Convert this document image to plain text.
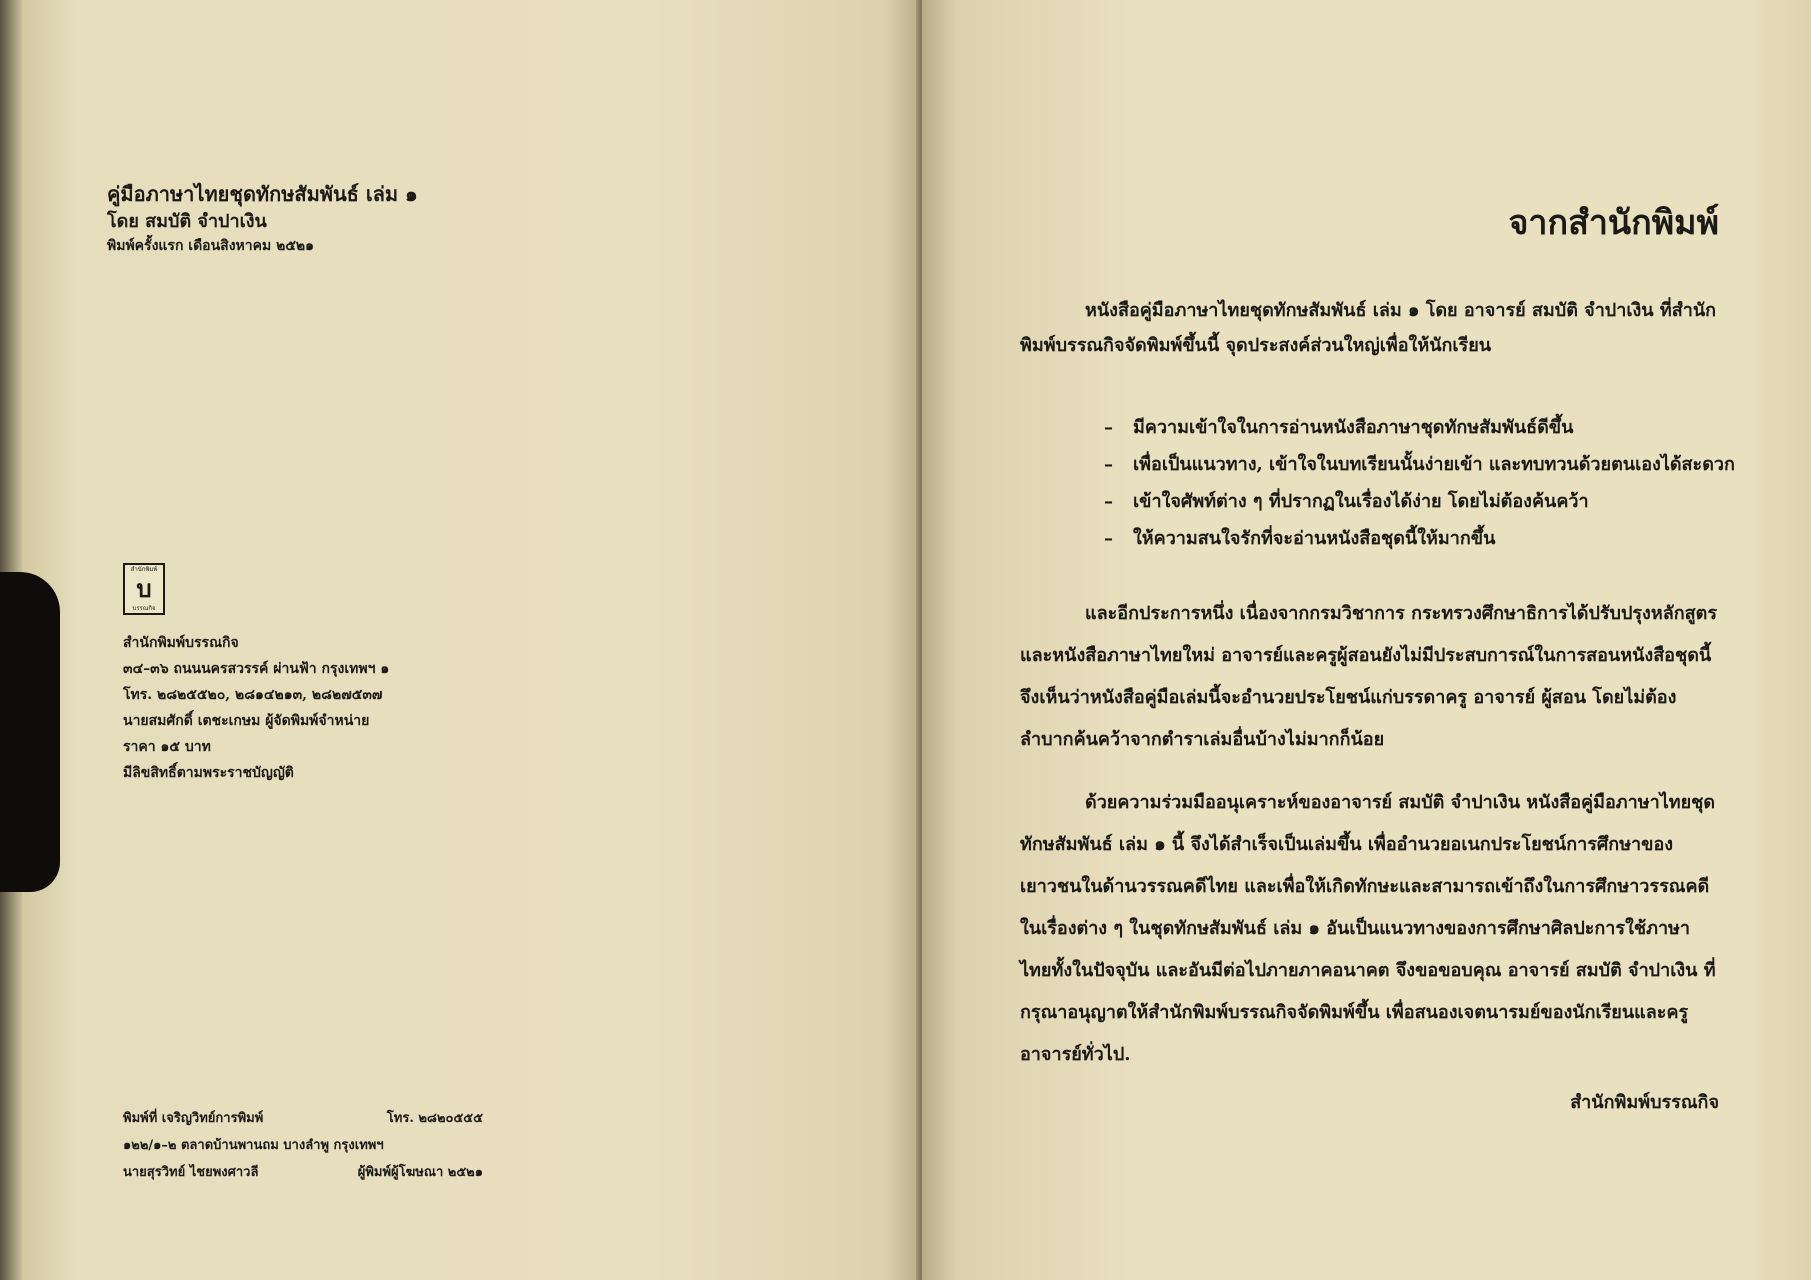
คู่มือภาษาไทยชุดทักษสัมพันธ์ เล่ม ๑
โดย สมบัติ จำปาเงิน
พิมพ์ครั้งแรก เดือนสิงหาคม ๒๕๒๑
สำนักพิมพ์
บ
บรรณกิจ
สำนักพิมพ์บรรณกิจ
๓๔–๓๖ ถนนนครสวรรค์ ผ่านฟ้า กรุงเทพฯ ๑
โทร. ๒๘๒๕๕๒๐, ๒๘๑๔๒๑๓, ๒๘๒๗๕๓๗
นายสมศักดิ์ เตชะเกษม ผู้จัดพิมพ์จำหน่าย
ราคา ๑๕ บาท
มีลิขสิทธิ์ตามพระราชบัญญัติ
พิมพ์ที่ เจริญวิทย์การพิมพ์	โทร. ๒๘๒๐๕๕๕
๑๒๒/๑–๒ ตลาดบ้านพานถม บางลำพู กรุงเทพฯ
นายสุรวิทย์ ไชยพงศาวลี	ผู้พิมพ์ผู้โฆษณา ๒๕๒๑
จากสำนักพิมพ์

หนังสือคู่มือภาษาไทยชุดทักษสัมพันธ์ เล่ม ๑ โดย อาจารย์ สมบัติ จำปาเงิน ที่สำนักพิมพ์บรรณกิจจัดพิมพ์ขึ้นนี้ จุดประสงค์ส่วนใหญ่เพื่อให้นักเรียน

– มีความเข้าใจในการอ่านหนังสือภาษาชุดทักษสัมพันธ์ดีขึ้น
– เพื่อเป็นแนวทาง, เข้าใจในบทเรียนนั้นง่ายเข้า และทบทวนด้วยตนเองได้สะดวก
– เข้าใจศัพท์ต่าง ๆ ที่ปรากฏในเรื่องได้ง่าย โดยไม่ต้องค้นคว้า
– ให้ความสนใจรักที่จะอ่านหนังสือชุดนี้ให้มากขึ้น

และอีกประการหนึ่ง เนื่องจากกรมวิชาการ กระทรวงศึกษาธิการได้ปรับปรุงหลักสูตรและหนังสือภาษาไทยใหม่ อาจารย์และครูผู้สอนยังไม่มีประสบการณ์ในการสอนหนังสือชุดนี้ จึงเห็นว่าหนังสือคู่มือเล่มนี้จะอำนวยประโยชน์แก่บรรดาครู อาจารย์ ผู้สอน โดยไม่ต้องลำบากค้นคว้าจากตำราเล่มอื่นบ้างไม่มากก็น้อย

ด้วยความร่วมมืออนุเคราะห์ของอาจารย์ สมบัติ จำปาเงิน หนังสือคู่มือภาษาไทยชุดทักษสัมพันธ์ เล่ม ๑ นี้ จึงได้สำเร็จเป็นเล่มขึ้น เพื่ออำนวยอเนกประโยชน์การศึกษาของเยาวชนในด้านวรรณคดีไทย และเพื่อให้เกิดทักษะและสามารถเข้าถึงในการศึกษาวรรณคดีในเรื่องต่าง ๆ ในชุดทักษสัมพันธ์ เล่ม ๑ อันเป็นแนวทางของการศึกษาศิลปะการใช้ภาษาไทยทั้งในปัจจุบัน และอันมีต่อไปภายภาคอนาคต จึงขอขอบคุณ อาจารย์ สมบัติ จำปาเงิน ที่กรุณาอนุญาตให้สำนักพิมพ์บรรณกิจจัดพิมพ์ขึ้น เพื่อสนองเจตนารมย์ของนักเรียนและครูอาจารย์ทั่วไป.

สำนักพิมพ์บรรณกิจ
